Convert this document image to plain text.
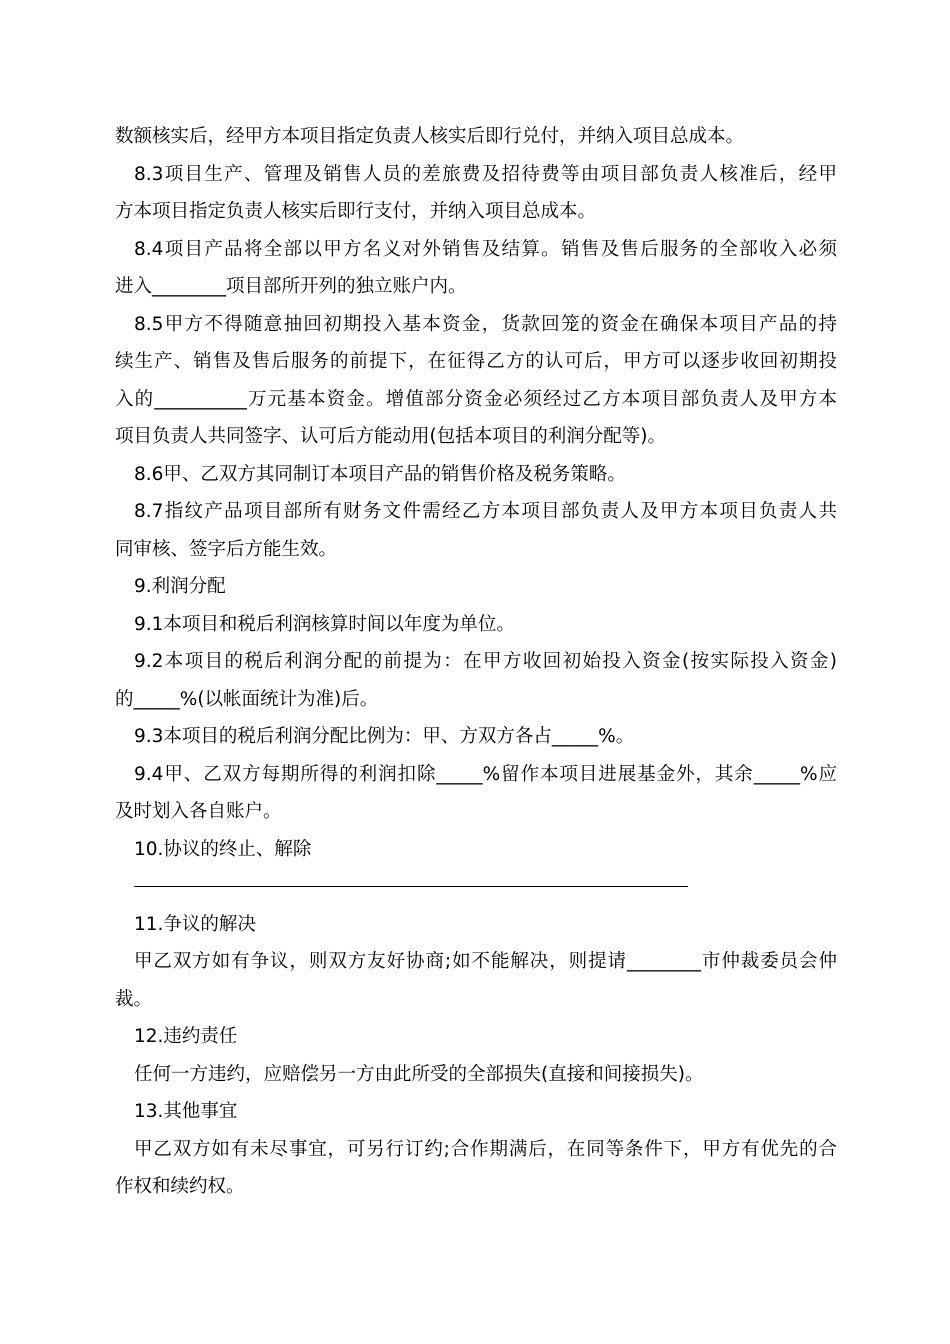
数额核实后，经甲方本项目指定负责人核实后即行兑付，并纳入项目总成本。
8.3项目生产、管理及销售人员的差旅费及招待费等由项目部负责人核准后，经甲
方本项目指定负责人核实后即行支付，并纳入项目总成本。
8.4项目产品将全部以甲方名义对外销售及结算。销售及售后服务的全部收入必须
进入________项目部所开列的独立账户内。
8.5甲方不得随意抽回初期投入基本资金，货款回笼的资金在确保本项目产品的持
续生产、销售及售后服务的前提下，在征得乙方的认可后，甲方可以逐步收回初期投
入的__________万元基本资金。增值部分资金必须经过乙方本项目部负责人及甲方本
项目负责人共同签字、认可后方能动用(包括本项目的利润分配等)。
8.6甲、乙双方其同制订本项目产品的销售价格及税务策略。
8.7指纹产品项目部所有财务文件需经乙方本项目部负责人及甲方本项目负责人共
同审核、签字后方能生效。
9.利润分配
9.1本项目和税后利润核算时间以年度为单位。
9.2本项目的税后利润分配的前提为：在甲方收回初始投入资金(按实际投入资金)
的_____%(以帐面统计为准)后。
9.3本项目的税后利润分配比例为：甲、方双方各占_____%。
9.4甲、乙双方每期所得的利润扣除_____%留作本项目进展基金外，其余_____%应
及时划入各自账户。
10.协议的终止、解除
11.争议的解决
甲乙双方如有争议，则双方友好协商;如不能解决，则提请________市仲裁委员会仲
裁。
12.违约责任
任何一方违约，应赔偿另一方由此所受的全部损失(直接和间接损失)。
13.其他事宜
甲乙双方如有未尽事宜，可另行订约;合作期满后，在同等条件下，甲方有优先的合
作权和续约权。
